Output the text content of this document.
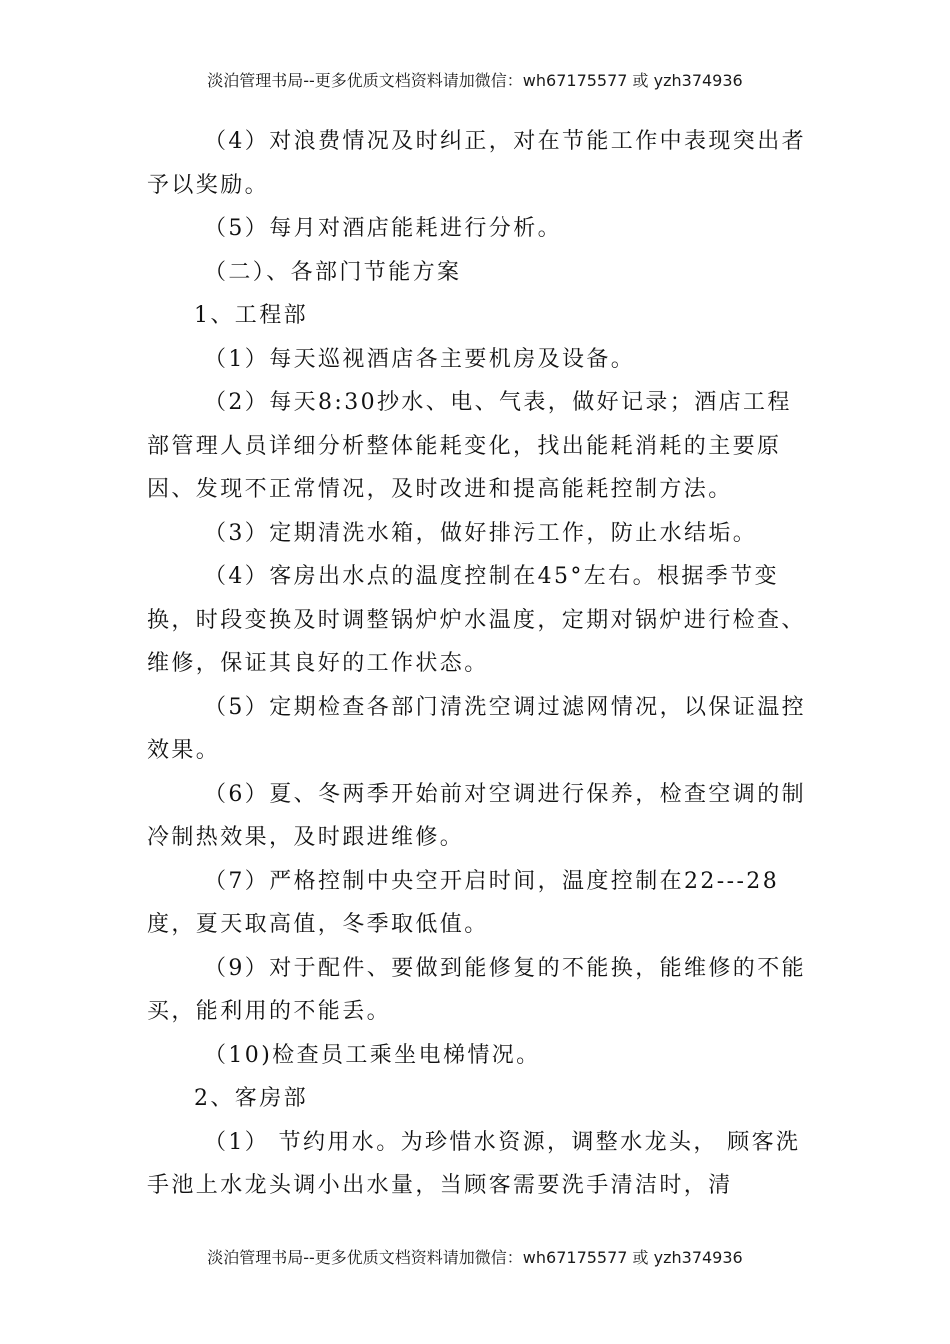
淡泊管理书局--更多优质文档资料请加微信：wh67175577 或 yzh374936

（4）对浪费情况及时纠正，对在节能工作中表现突出者予以奖励。

（5）每月对酒店能耗进行分析。

（二）、各部门节能方案

1、工程部

（1）每天巡视酒店各主要机房及设备。

（2）每天8:30抄水、电、气表，做好记录；酒店工程部管理人员详细分析整体能耗变化，找出能耗消耗的主要原因、发现不正常情况，及时改进和提高能耗控制方法。

（3）定期清洗水箱，做好排污工作，防止水结垢。

（4）客房出水点的温度控制在45°左右。根据季节变换，时段变换及时调整锅炉炉水温度，定期对锅炉进行检查、维修，保证其良好的工作状态。

（5）定期检查各部门清洗空调过滤网情况，以保证温控效果。

（6）夏、冬两季开始前对空调进行保养，检查空调的制冷制热效果，及时跟进维修。

（7）严格控制中央空开启时间，温度控制在22---28度，夏天取高值，冬季取低值。

（9）对于配件、要做到能修复的不能换，能维修的不能买，能利用的不能丢。

（10)检查员工乘坐电梯情况。

2、客房部

（1） 节约用水。为珍惜水资源，调整水龙头， 顾客洗手池上水龙头调小出水量，当顾客需要洗手清洁时，清

淡泊管理书局--更多优质文档资料请加微信：wh67175577 或 yzh374936
